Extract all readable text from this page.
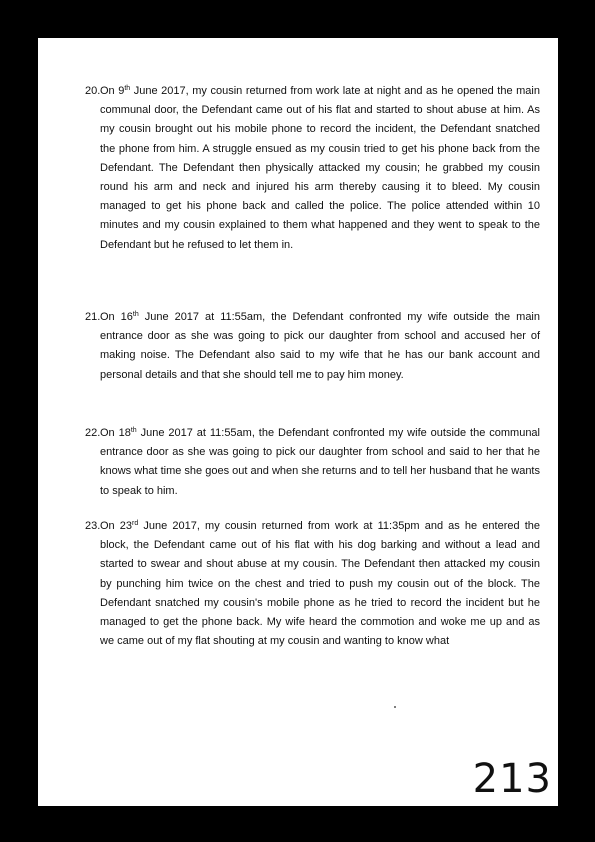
20. On 9th June 2017, my cousin returned from work late at night and as he opened the main communal door, the Defendant came out of his flat and started to shout abuse at him. As my cousin brought out his mobile phone to record the incident, the Defendant snatched the phone from him. A struggle ensued as my cousin tried to get his phone back from the Defendant. The Defendant then physically attacked my cousin; he grabbed my cousin round his arm and neck and injured his arm thereby causing it to bleed. My cousin managed to get his phone back and called the police. The police attended within 10 minutes and my cousin explained to them what happened and they went to speak to the Defendant but he refused to let them in.

21. On 16th June 2017 at 11:55am, the Defendant confronted my wife outside the main entrance door as she was going to pick our daughter from school and accused her of making noise. The Defendant also said to my wife that he has our bank account and personal details and that she should tell me to pay him money.

22. On 18th June 2017 at 11:55am, the Defendant confronted my wife outside the communal entrance door as she was going to pick our daughter from school and said to her that he knows what time she goes out and when she returns and to tell her husband that he wants to speak to him.

23. On 23rd June 2017, my cousin returned from work at 11:35pm and as he entered the block, the Defendant came out of his flat with his dog barking and without a lead and started to swear and shout abuse at my cousin. The Defendant then attacked my cousin by punching him twice on the chest and tried to push my cousin out of the block. The Defendant snatched my cousin's mobile phone as he tried to record the incident but he managed to get the phone back. My wife heard the commotion and woke me up and as we came out of my flat shouting at my cousin and wanting to know what

213
